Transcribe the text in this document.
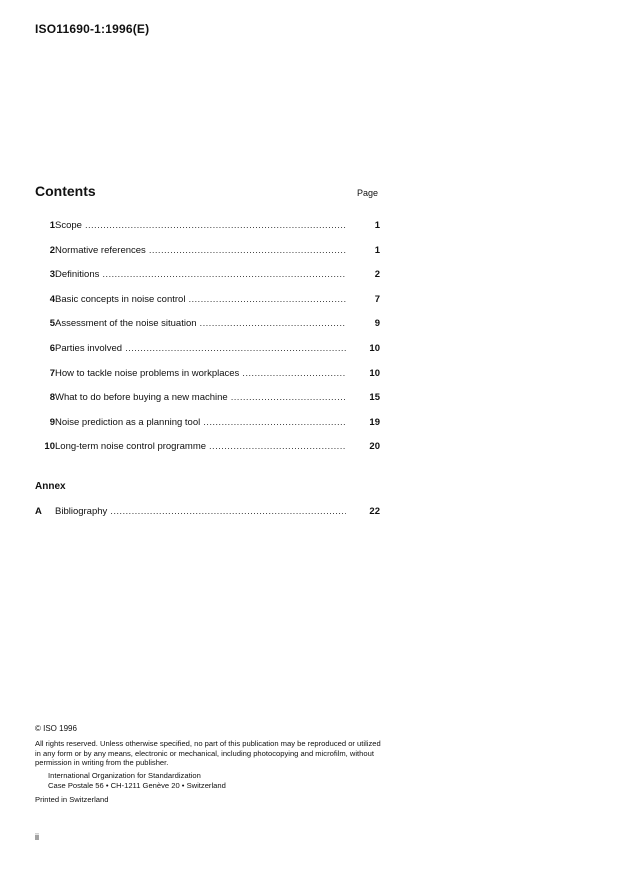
ISO11690-1:1996(E)
Contents	Page
1 Scope .....	1
2 Normative references .....	1
3 Definitions .....	2
4 Basic concepts in noise control .....	7
5 Assessment of the noise situation .....	9
6 Parties involved .....	10
7 How to tackle noise problems in workplaces .....	10
8 What to do before buying a new machine .....	15
9 Noise prediction as a planning tool .....	19
10 Long-term noise control programme .....	20
Annex
A Bibliography .....	22
© ISO 1996
All rights reserved. Unless otherwise specified, no part of this publication may be reproduced or utilized in any form or by any means, electronic or mechanical, including photocopying and microfilm, without permission in writing from the publisher.
International Organization for Standardization
Case Postale 56 • CH-1211 Genève 20 • Switzerland
Printed in Switzerland
ii
